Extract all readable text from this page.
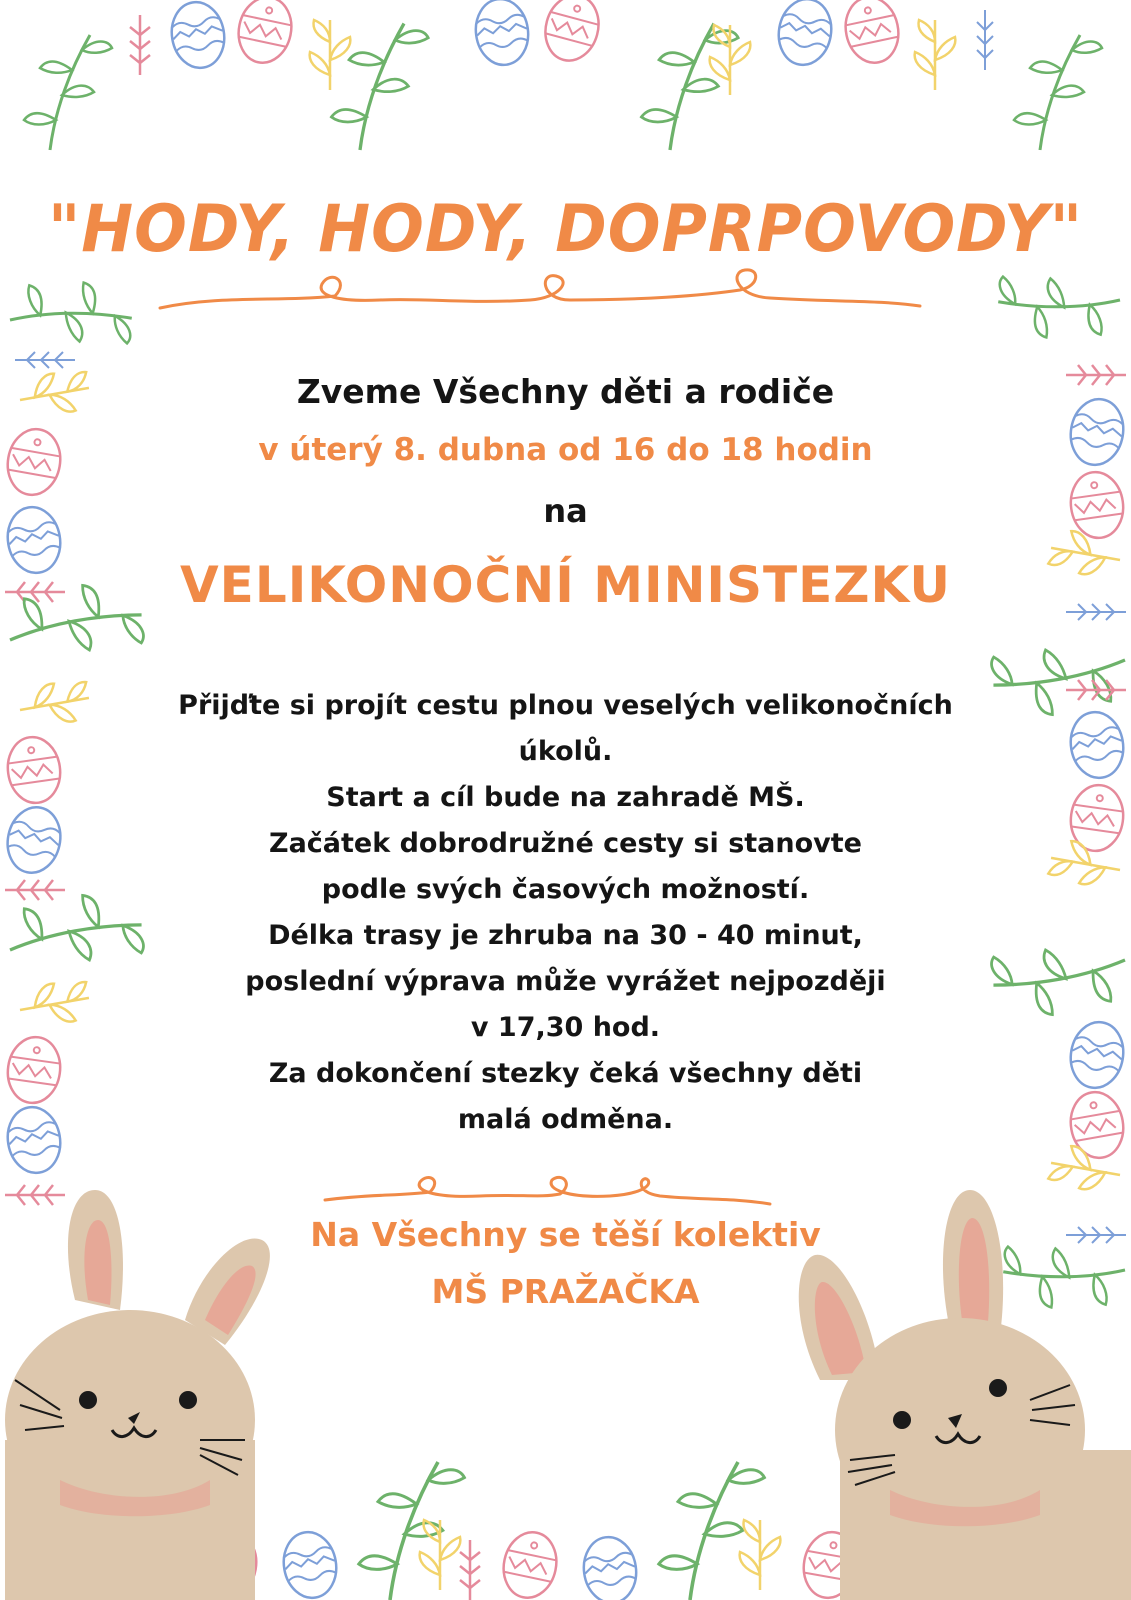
"HODY, HODY, DOPRPOVODY"
Zveme Všechny děti a rodiče
v úterý 8. dubna od 16 do 18 hodin
na
VELIKONOČNÍ MINISTEZKU
Přijďte si projít cestu plnou veselých velikonočních
úkolů.
Start a cíl bude na zahradě MŠ.
Začátek dobrodružné cesty si stanovte
podle svých časových možností.
Délka trasy je zhruba na 30 - 40 minut,
poslední výprava může vyrážet nejpozději
v 17,30 hod.
Za dokončení stezky čeká všechny děti
malá odměna.
Na Všechny se těší kolektiv
MŠ PRAŽAČKA
